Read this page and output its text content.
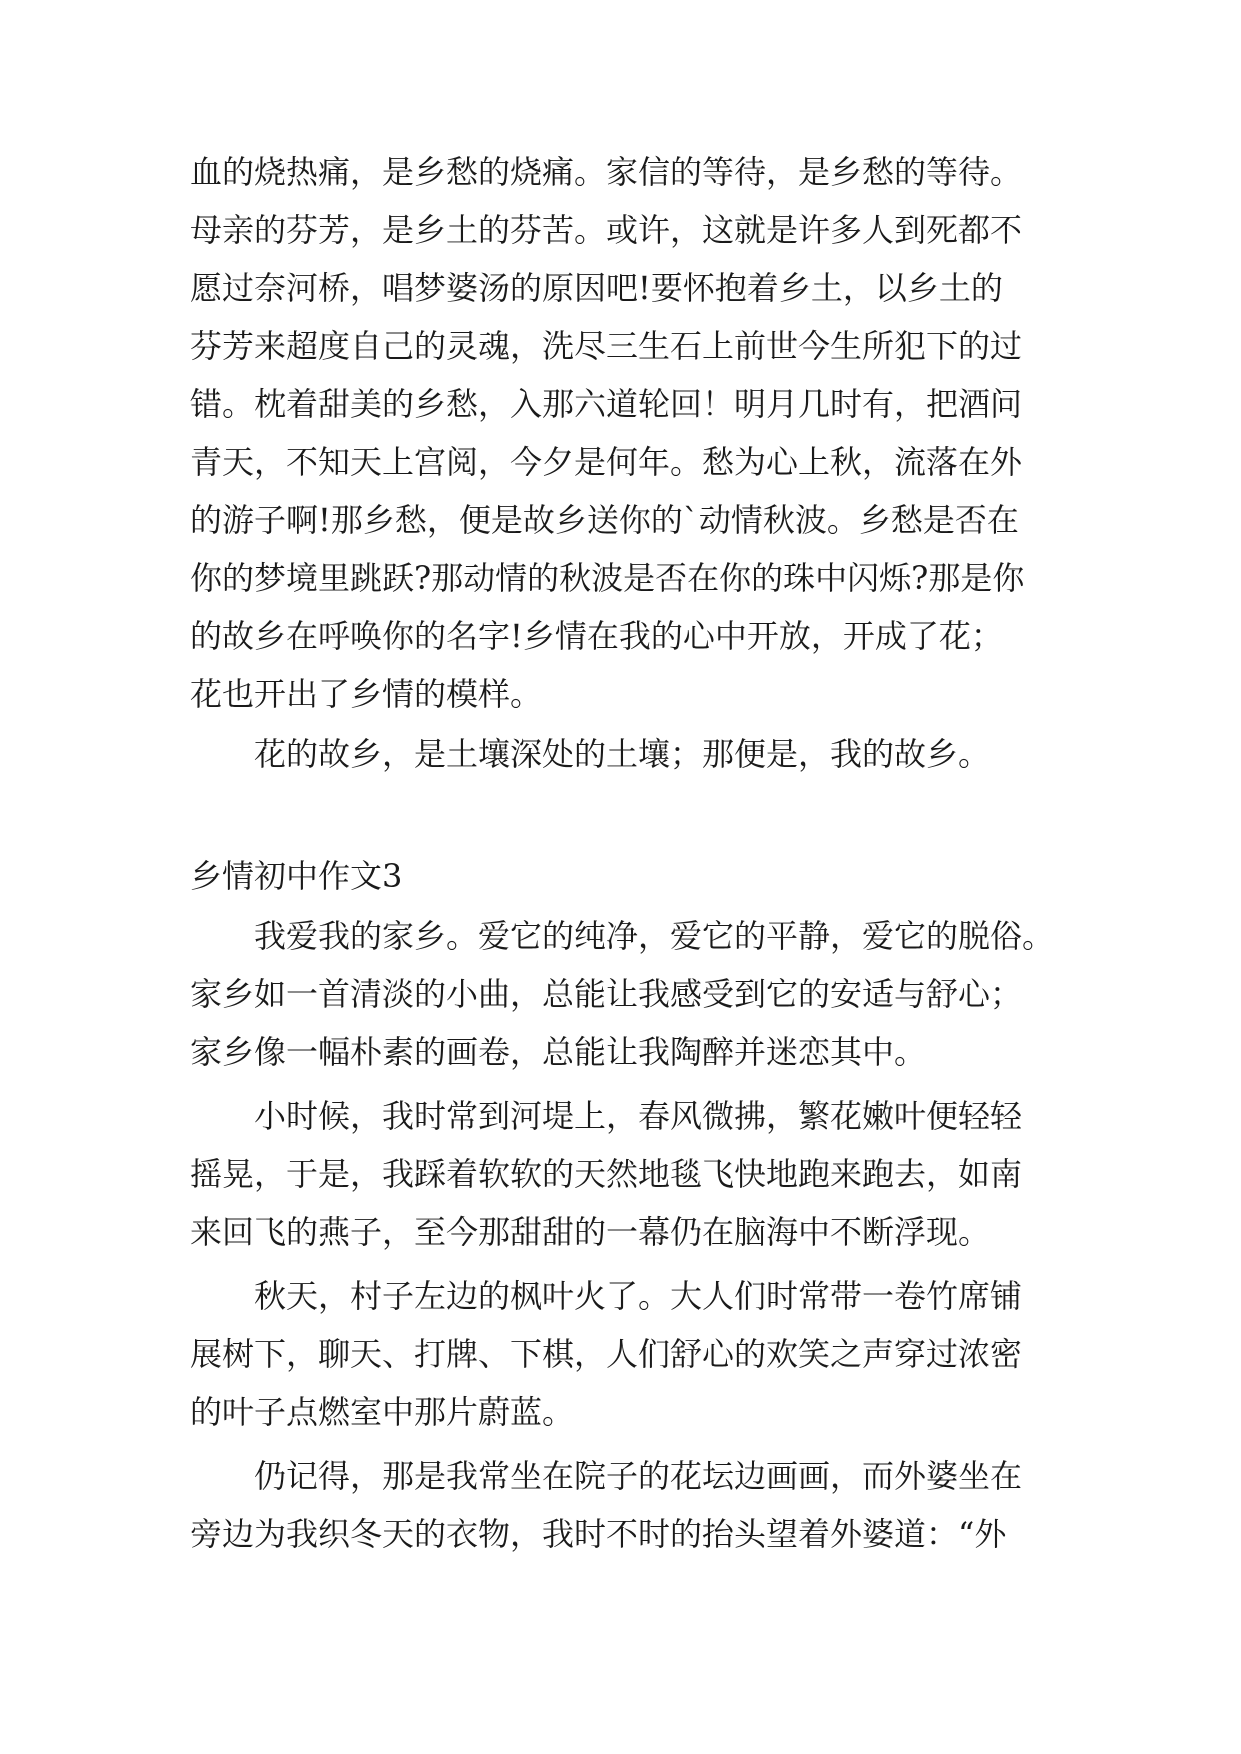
血的烧热痛，是乡愁的烧痛。家信的等待，是乡愁的等待。
母亲的芬芳，是乡土的芬苦。或许，这就是许多人到死都不
愿过奈河桥，唱梦婆汤的原因吧!要怀抱着乡土，以乡土的
芬芳来超度自己的灵魂，洗尽三生石上前世今生所犯下的过
错。枕着甜美的乡愁，入那六道轮回！明月几时有，把酒问
青天，不知天上宫阅，今夕是何年。愁为心上秋，流落在外
的游子啊!那乡愁，便是故乡送你的`动情秋波。乡愁是否在
你的梦境里跳跃?那动情的秋波是否在你的珠中闪烁?那是你
的故乡在呼唤你的名字!乡情在我的心中开放，开成了花；
花也开出了乡情的模样。
花的故乡，是土壤深处的土壤；那便是，我的故乡。
乡情初中作文3
我爱我的家乡。爱它的纯净，爱它的平静，爱它的脱俗。
家乡如一首清淡的小曲，总能让我感受到它的安适与舒心；
家乡像一幅朴素的画卷，总能让我陶醉并迷恋其中。
小时候，我时常到河堤上，春风微拂，繁花嫩叶便轻轻
摇晃，于是，我踩着软软的天然地毯飞快地跑来跑去，如南
来回飞的燕子，至今那甜甜的一幕仍在脑海中不断浮现。
秋天，村子左边的枫叶火了。大人们时常带一卷竹席铺
展树下，聊天、打牌、下棋，人们舒心的欢笑之声穿过浓密
的叶子点燃室中那片蔚蓝。
仍记得，那是我常坐在院子的花坛边画画，而外婆坐在
旁边为我织冬天的衣物，我时不时的抬头望着外婆道：“外
